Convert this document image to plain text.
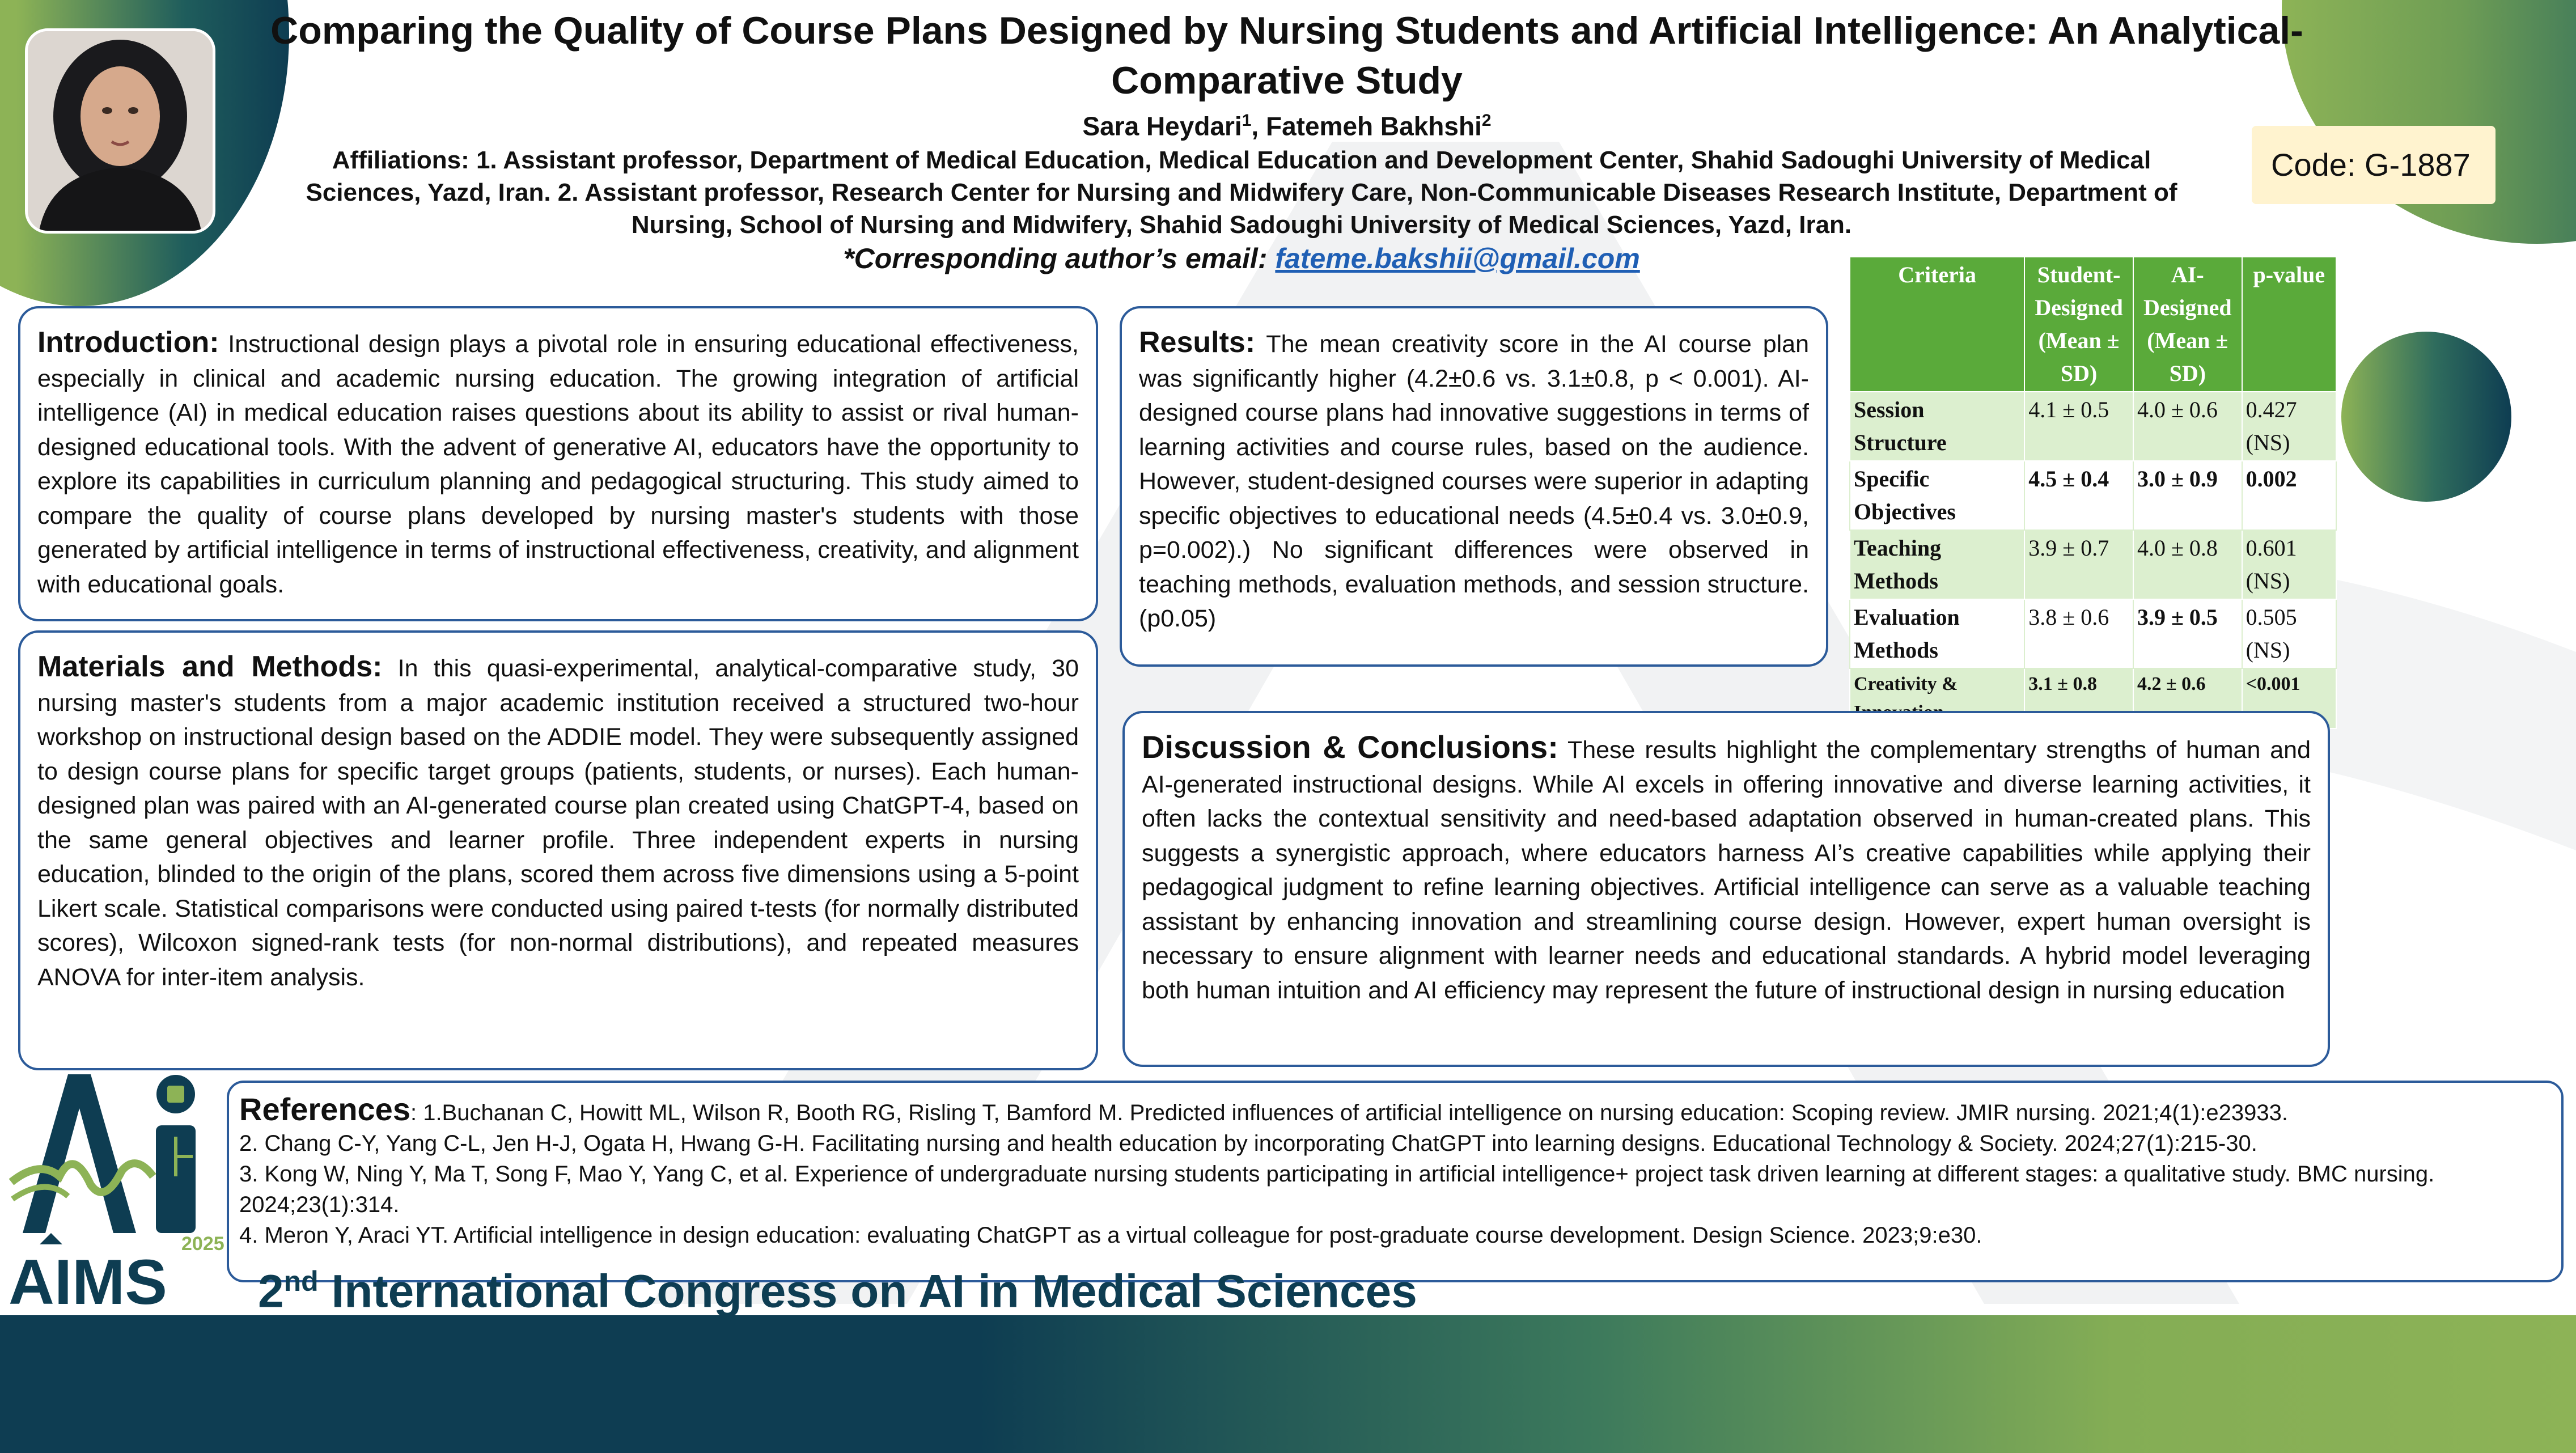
Comparing the Quality of Course Plans Designed by Nursing Students and Artificial Intelligence: An Analytical-Comparative Study
Sara Heydari$^1$, Fatemeh Bakhshi$^2$
Affiliations: 1. Assistant professor, Department of Medical Education, Medical Education and Development Center, Shahid Sadoughi University of Medical Sciences, Yazd, Iran. 2. Assistant professor, Research Center for Nursing and Midwifery Care, Non-Communicable Diseases Research Institute, Department of Nursing, School of Nursing and Midwifery, Shahid Sadoughi University of Medical Sciences, Yazd, Iran.
*Corresponding author’s email: fateme.bakshii@gmail.com
Code: G-1887
Introduction: Instructional design plays a pivotal role in ensuring educational effectiveness, especially in clinical and academic nursing education. The growing integration of artificial intelligence (AI) in medical education raises questions about its ability to assist or rival human-designed educational tools. With the advent of generative AI, educators have the opportunity to explore its capabilities in curriculum planning and pedagogical structuring. This study aimed to compare the quality of course plans developed by nursing master's students with those generated by artificial intelligence in terms of instructional effectiveness, creativity, and alignment with educational goals.
Materials and Methods: In this quasi-experimental, analytical-comparative study, 30 nursing master's students from a major academic institution received a structured two-hour workshop on instructional design based on the ADDIE model. They were subsequently assigned to design course plans for specific target groups (patients, students, or nurses). Each human-designed plan was paired with an AI-generated course plan created using ChatGPT-4, based on the same general objectives and learner profile. Three independent experts in nursing education, blinded to the origin of the plans, scored them across five dimensions using a 5-point Likert scale. Statistical comparisons were conducted using paired t-tests (for normally distributed scores), Wilcoxon signed-rank tests (for non-normal distributions), and repeated measures ANOVA for inter-item analysis.
Results: The mean creativity score in the AI course plan was significantly higher (4.2±0.6 vs. 3.1±0.8, p < 0.001). AI-designed course plans had innovative suggestions in terms of learning activities and course rules, based on the audience. However, student-designed courses were superior in adapting specific objectives to educational needs (4.5±0.4 vs. 3.0±0.9, p=0.002).) No significant differences were observed in teaching methods, evaluation methods, and session structure. (p0.05)
Criteria	Student-Designed (Mean ± SD)	AI-Designed (Mean ± SD)	p-value
Session Structure	4.1 ± 0.5	4.0 ± 0.6	0.427 (NS)
Specific Objectives	4.5 ± 0.4	3.0 ± 0.9	0.002
Teaching Methods	3.9 ± 0.7	4.0 ± 0.8	0.601 (NS)
Evaluation Methods	3.8 ± 0.6	3.9 ± 0.5	0.505 (NS)
Creativity &	3.1 ± 0.8	4.2 ± 0.6	<0.001
Discussion & Conclusions: These results highlight the complementary strengths of human and AI-generated instructional designs. While AI excels in offering innovative and diverse learning activities, it often lacks the contextual sensitivity and need-based adaptation observed in human-created plans. This suggests a synergistic approach, where educators harness AI’s creative capabilities while applying their pedagogical judgment to refine learning objectives. Artificial intelligence can serve as a valuable teaching assistant by enhancing innovation and streamlining course design. However, expert human oversight is necessary to ensure alignment with learner needs and educational standards. A hybrid model leveraging both human intuition and AI efficiency may represent the future of instructional design in nursing education
References: 1.Buchanan C, Howitt ML, Wilson R, Booth RG, Risling T, Bamford M. Predicted influences of artificial intelligence on nursing education: Scoping review. JMIR nursing. 2021;4(1):e23933.
2. Chang C-Y, Yang C-L, Jen H-J, Ogata H, Hwang G-H. Facilitating nursing and health education by incorporating ChatGPT into learning designs. Educational Technology & Society. 2024;27(1):215-30.
3. Kong W, Ning Y, Ma T, Song F, Mao Y, Yang C, et al. Experience of undergraduate nursing students participating in artificial intelligence+ project task driven learning at different stages: a qualitative study. BMC nursing. 2024;23(1):314.
4. Meron Y, Araci YT. Artificial intelligence in design education: evaluating ChatGPT as a virtual colleague for post-graduate course development. Design Science. 2023;9:e30.
AIMS
2025
2nd International Congress on AI in Medical Sciences
